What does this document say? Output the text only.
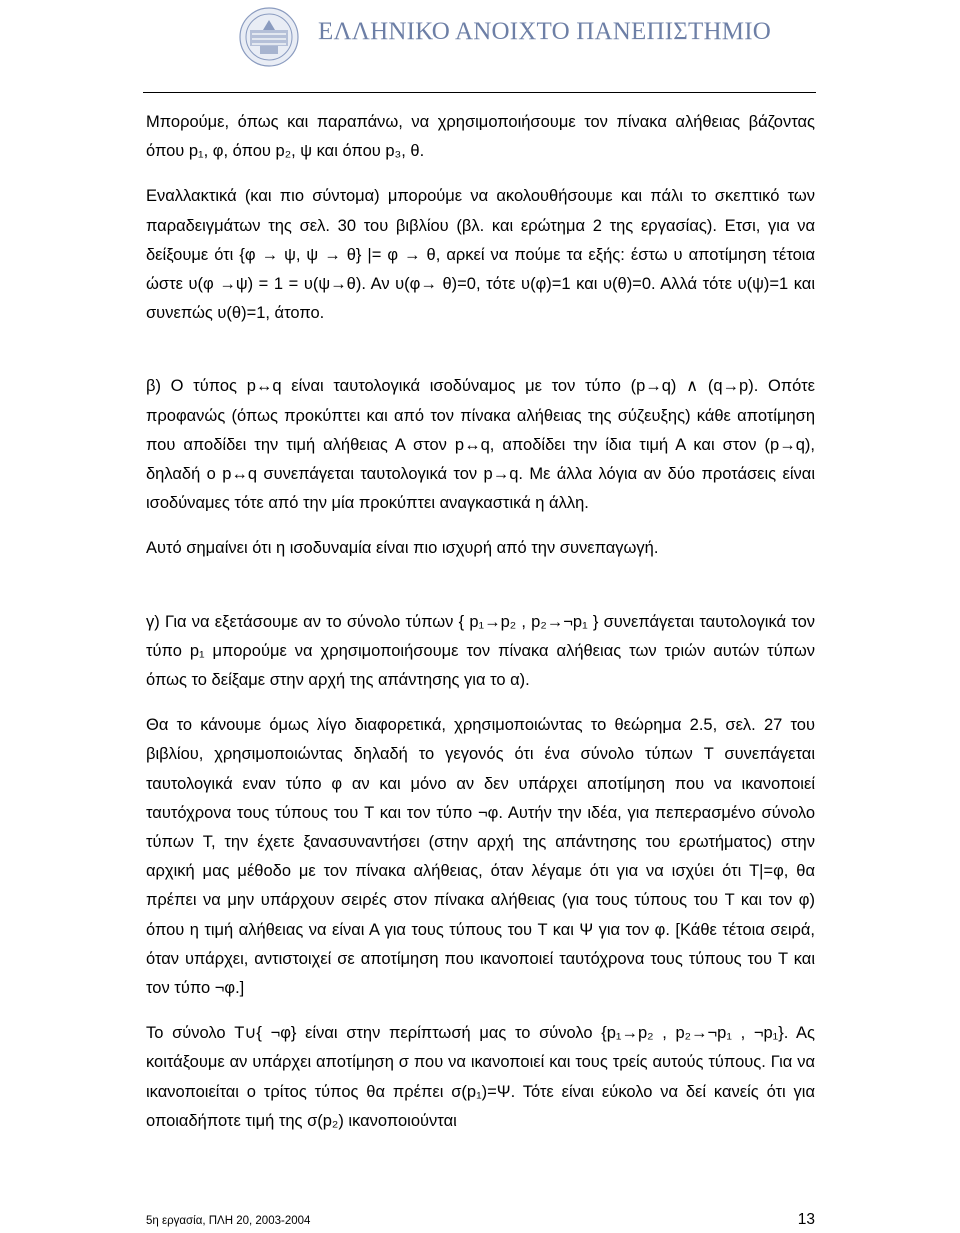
ΕΛΛΗΝΙΚΟ ΑΝΟΙΧΤΟ ΠΑΝΕΠΙΣΤΗΜΙΟ

Μπορούμε, όπως και παραπάνω, να χρησιμοποιήσουμε τον πίνακα αλήθειας βάζοντας όπου p₁, φ, όπου p₂, ψ και όπου p₃, θ.

Εναλλακτικά (και πιο σύντομα) μπορούμε να ακολουθήσουμε και πάλι το σκεπτικό των παραδειγμάτων της σελ. 30 του βιβλίου (βλ. και ερώτημα 2 της εργασίας). Ετσι, για να δείξουμε ότι {φ → ψ, ψ → θ} |= φ → θ, αρκεί να πούμε τα εξής: έστω υ αποτίμηση τέτοια ώστε υ(φ →ψ) = 1 = υ(ψ→θ). Αν υ(φ→ θ)=0, τότε υ(φ)=1 και υ(θ)=0. Αλλά τότε υ(ψ)=1 και συνεπώς υ(θ)=1, άτοπο.

β) Ο τύπος p↔q είναι ταυτολογικά ισοδύναμος με τον τύπο (p→q) ∧ (q→p). Οπότε προφανώς (όπως προκύπτει και από τον πίνακα αλήθειας της σύζευξης) κάθε αποτίμηση που αποδίδει την τιμή αλήθειας Α στον p↔q, αποδίδει την ίδια τιμή Α και στον (p→q), δηλαδή ο p↔q συνεπάγεται ταυτολογικά τον p→q. Με άλλα λόγια αν δύο προτάσεις είναι ισοδύναμες τότε από την μία προκύπτει αναγκαστικά η άλλη.

Αυτό σημαίνει ότι η ισοδυναμία είναι πιο ισχυρή από την συνεπαγωγή.

γ) Για να εξετάσουμε αν το σύνολο τύπων { p₁→p₂ , p₂→¬p₁ } συνεπάγεται ταυτολογικά τον τύπο p₁ μπορούμε να χρησιμοποιήσουμε τον πίνακα αλήθειας των τριών αυτών τύπων όπως το δείξαμε στην αρχή της απάντησης για το α).

Θα το κάνουμε όμως λίγο διαφορετικά, χρησιμοποιώντας το θεώρημα 2.5, σελ. 27 του βιβλίου, χρησιμοποιώντας δηλαδή το γεγονός ότι ένα σύνολο τύπων T συνεπάγεται ταυτολογικά εναν τύπο φ αν και μόνο αν δεν υπάρχει αποτίμηση που να ικανοποιεί ταυτόχρονα τους τύπους του T και τον τύπο ¬φ. Αυτήν την ιδέα, για πεπερασμένο σύνολο τύπων T, την έχετε ξανασυναντήσει (στην αρχή της απάντησης του ερωτήματος) στην αρχική μας μέθοδο με τον πίνακα αλήθειας, όταν λέγαμε ότι για να ισχύει ότι T|=φ, θα πρέπει να μην υπάρχουν σειρές στον πίνακα αλήθειας (για τους τύπους του T και τον φ) όπου η τιμή αλήθειας να είναι Α για τους τύπους του T και Ψ για τον φ. [Κάθε τέτοια σειρά, όταν υπάρχει, αντιστοιχεί σε αποτίμηση που ικανοποιεί ταυτόχρονα τους τύπους του T και τον τύπο ¬φ.]

Το σύνολο T∪{ ¬φ} είναι στην περίπτωσή μας το σύνολο {p₁→p₂ , p₂→¬p₁ , ¬p₁}. Ας κοιτάξουμε αν υπάρχει αποτίμηση σ που να ικανοποιεί και τους τρείς αυτούς τύπους. Για να ικανοποιείται ο τρίτος τύπος θα πρέπει σ(p₁)=Ψ. Τότε είναι εύκολο να δεί κανείς ότι για οποιαδήποτε τιμή της σ(p₂) ικανοποιούνται

5η εργασία, ΠΛΗ 20, 2003-2004	13
